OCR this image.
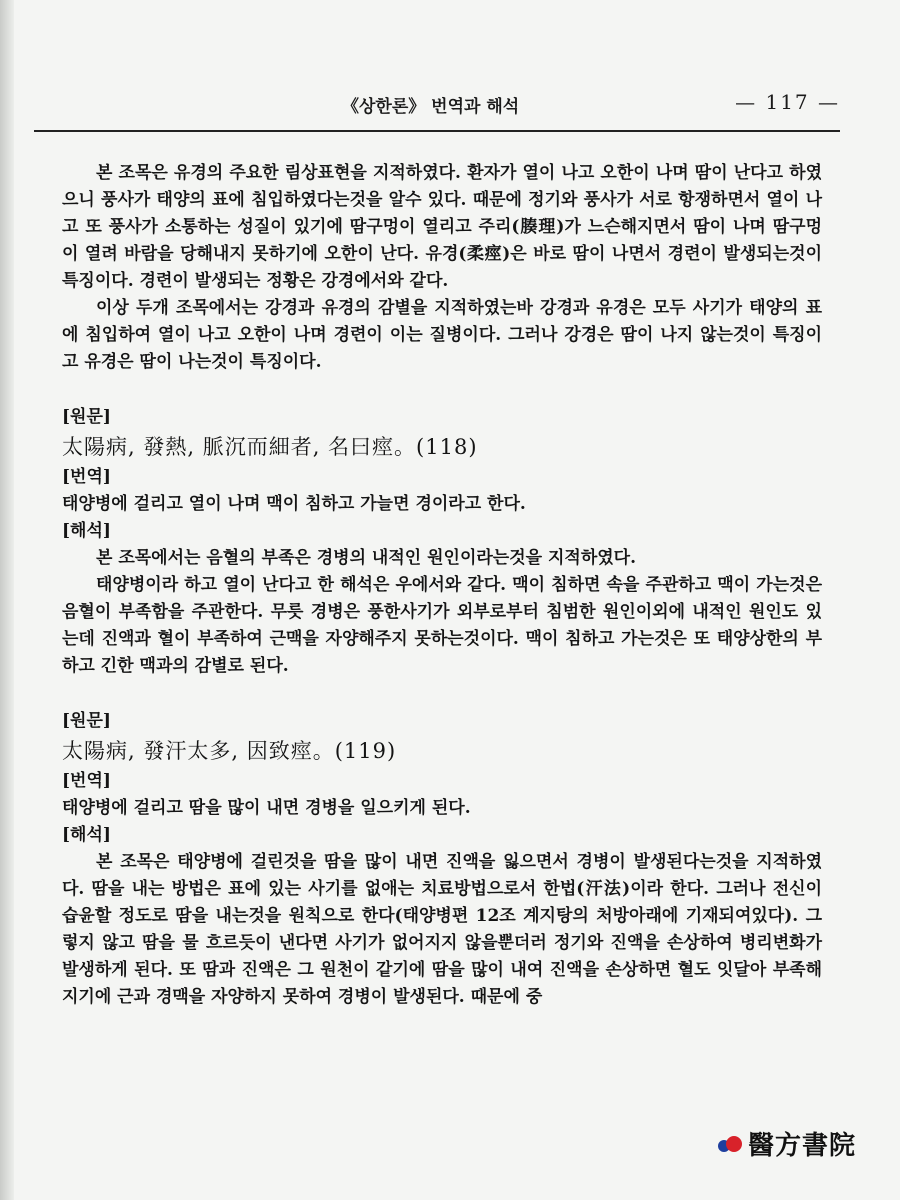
《상한론》 번역과 해석	— 117 —

본 조목은 유경의 주요한 림상표현을 지적하였다. 환자가 열이 나고 오한이 나며 땀이 난다고 하였으니 풍사가 태양의 표에 침입하였다는것을 알수 있다. 때문에 정기와 풍사가 서로 항쟁하면서 열이 나고 또 풍사가 소통하는 성질이 있기에 땀구멍이 열리고 주리(腠理)가 느슨해지면서 땀이 나며 땀구멍이 열려 바람을 당해내지 못하기에 오한이 난다. 유경(柔痙)은 바로 땀이 나면서 경련이 발생되는것이 특징이다. 경련이 발생되는 정황은 강경에서와 같다.

이상 두개 조목에서는 강경과 유경의 감별을 지적하였는바 강경과 유경은 모두 사기가 태양의 표에 침입하여 열이 나고 오한이 나며 경련이 이는 질병이다. 그러나 강경은 땀이 나지 않는것이 특징이고 유경은 땀이 나는것이 특징이다.

[원문]

太陽病, 發熱, 脈沉而細者, 名曰痙。(118)

[번역]

태양병에 걸리고 열이 나며 맥이 침하고 가늘면 경이라고 한다.

[해석]

본 조목에서는 음혈의 부족은 경병의 내적인 원인이라는것을 지적하였다.

태양병이라 하고 열이 난다고 한 해석은 우에서와 같다. 맥이 침하면 속을 주관하고 맥이 가는것은 음혈이 부족함을 주관한다. 무릇 경병은 풍한사기가 외부로부터 침범한 원인이외에 내적인 원인도 있는데 진액과 혈이 부족하여 근맥을 자양해주지 못하는것이다. 맥이 침하고 가는것은 또 태양상한의 부하고 긴한 맥과의 감별로 된다.

[원문]

太陽病, 發汗太多, 因致痙。(119)

[번역]

태양병에 걸리고 땀을 많이 내면 경병을 일으키게 된다.

[해석]

본 조목은 태양병에 걸린것을 땀을 많이 내면 진액을 잃으면서 경병이 발생된다는것을 지적하였다. 땀을 내는 방법은 표에 있는 사기를 없애는 치료방법으로서 한법(汗法)이라 한다. 그러나 전신이 습윤할 정도로 땀을 내는것을 원칙으로 한다(태양병편 12조 계지탕의 처방아래에 기재되여있다). 그렇지 않고 땀을 물 흐르듯이 낸다면 사기가 없어지지 않을뿐더러 정기와 진액을 손상하여 병리변화가 발생하게 된다. 또 땀과 진액은 그 원천이 같기에 땀을 많이 내여 진액을 손상하면 혈도 잇달아 부족해지기에 근과 경맥을 자양하지 못하여 경병이 발생된다. 때문에 중

醫方書院
